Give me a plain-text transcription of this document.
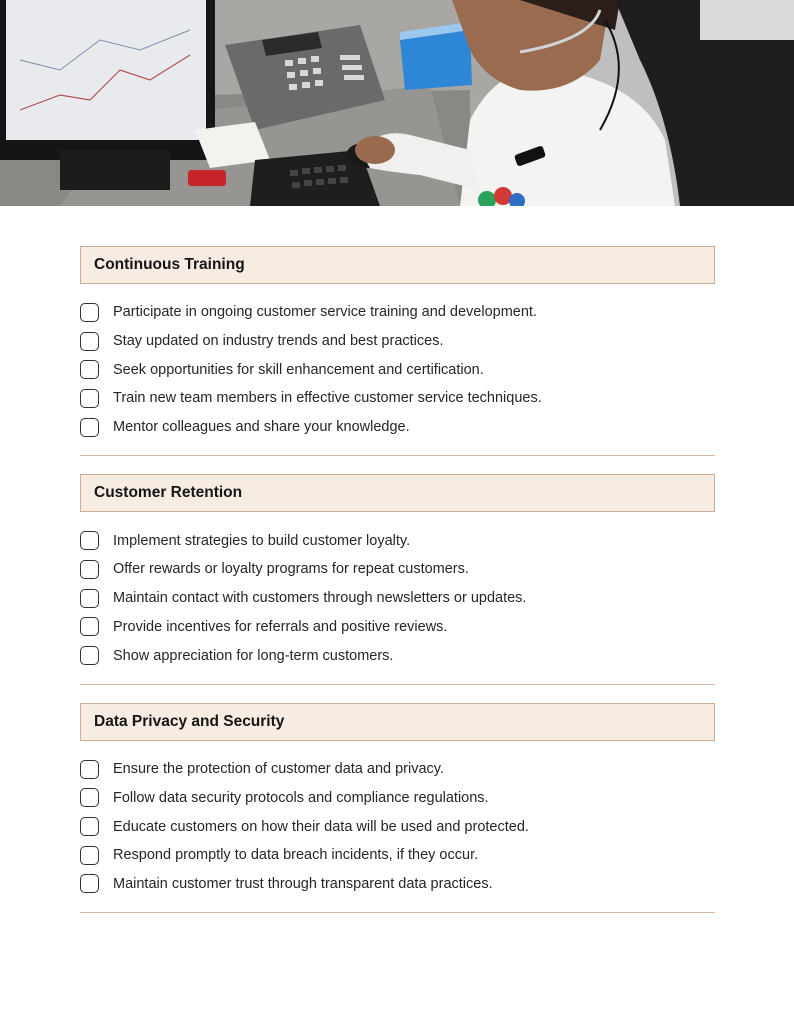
Continuous Training
Participate in ongoing customer service training and development.
Stay updated on industry trends and best practices.
Seek opportunities for skill enhancement and certification.
Train new team members in effective customer service techniques.
Mentor colleagues and share your knowledge.
Customer Retention
Implement strategies to build customer loyalty.
Offer rewards or loyalty programs for repeat customers.
Maintain contact with customers through newsletters or updates.
Provide incentives for referrals and positive reviews.
Show appreciation for long-term customers.
Data Privacy and Security
Ensure the protection of customer data and privacy.
Follow data security protocols and compliance regulations.
Educate customers on how their data will be used and protected.
Respond promptly to data breach incidents, if they occur.
Maintain customer trust through transparent data practices.
